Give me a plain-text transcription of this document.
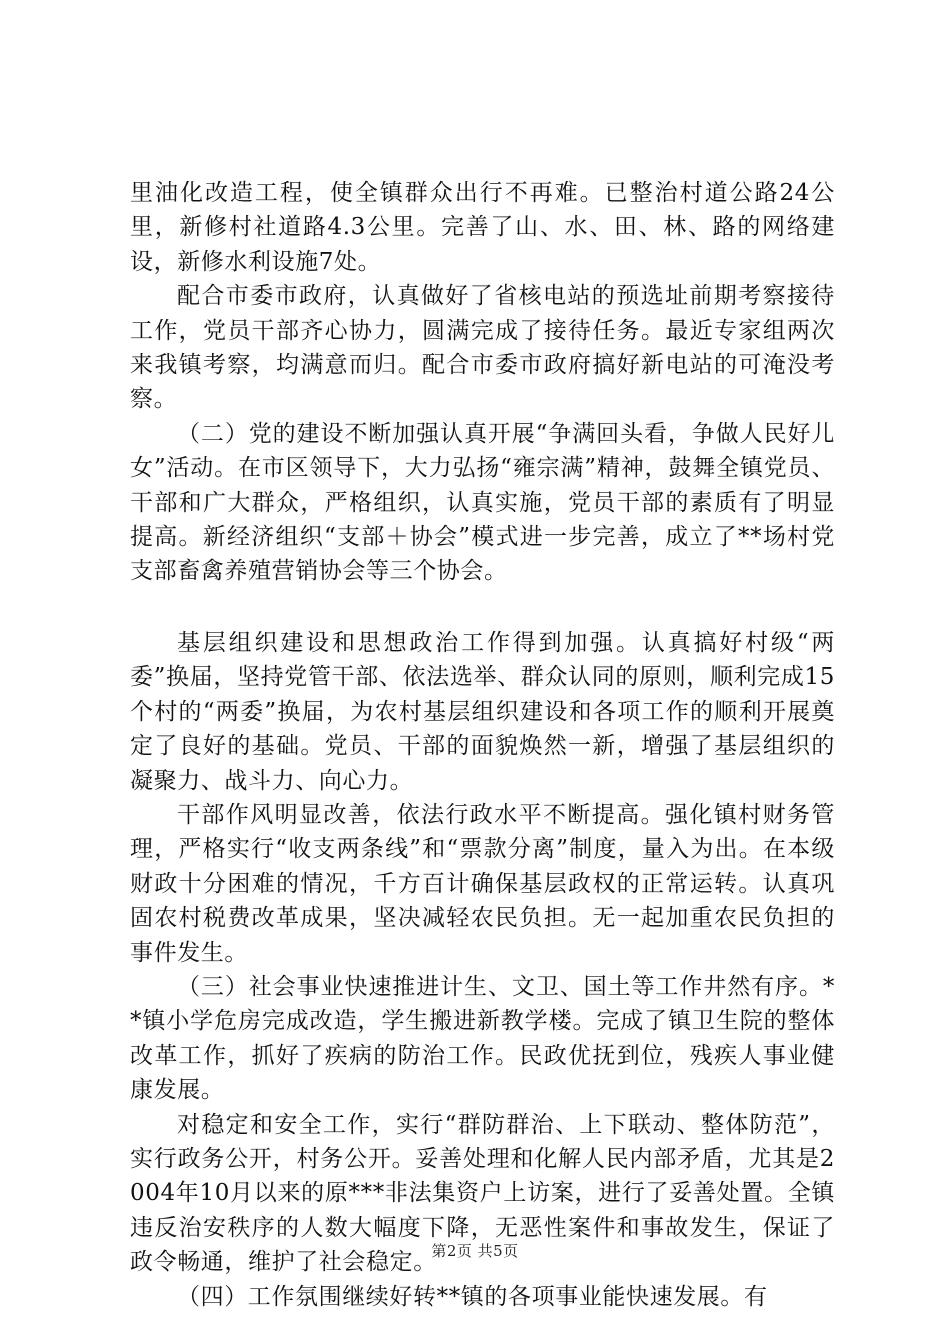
里油化改造工程，使全镇群众出行不再难。已整治村道公路24公里，新修村社道路4.3公里。完善了山、水、田、林、路的网络建设，新修水利设施7处。

配合市委市政府，认真做好了省核电站的预选址前期考察接待工作，党员干部齐心协力，圆满完成了接待任务。最近专家组两次来我镇考察，均满意而归。配合市委市政府搞好新电站的可淹没考察。

（二）党的建设不断加强认真开展“争满回头看，争做人民好儿女”活动。在市区领导下，大力弘扬“雍宗满”精神，鼓舞全镇党员、干部和广大群众，严格组织，认真实施，党员干部的素质有了明显提高。新经济组织“支部＋协会”模式进一步完善，成立了**场村党支部畜禽养殖营销协会等三个协会。

基层组织建设和思想政治工作得到加强。认真搞好村级“两委”换届，坚持党管干部、依法选举、群众认同的原则，顺利完成15个村的“两委”换届，为农村基层组织建设和各项工作的顺利开展奠定了良好的基础。党员、干部的面貌焕然一新，增强了基层组织的凝聚力、战斗力、向心力。

干部作风明显改善，依法行政水平不断提高。强化镇村财务管理，严格实行“收支两条线”和“票款分离”制度，量入为出。在本级财政十分困难的情况，千方百计确保基层政权的正常运转。认真巩固农村税费改革成果，坚决减轻农民负担。无一起加重农民负担的事件发生。

（三）社会事业快速推进计生、文卫、国土等工作井然有序。**镇小学危房完成改造，学生搬进新教学楼。完成了镇卫生院的整体改革工作，抓好了疾病的防治工作。民政优抚到位，残疾人事业健康发展。

对稳定和安全工作，实行“群防群治、上下联动、整体防范”，实行政务公开，村务公开。妥善处理和化解人民内部矛盾，尤其是2004年10月以来的原***非法集资户上访案，进行了妥善处置。全镇违反治安秩序的人数大幅度下降，无恶性案件和事故发生，保证了政令畅通，维护了社会稳定。

（四）工作氛围继续好转**镇的各项事业能快速发展。有

第2页 共5页
